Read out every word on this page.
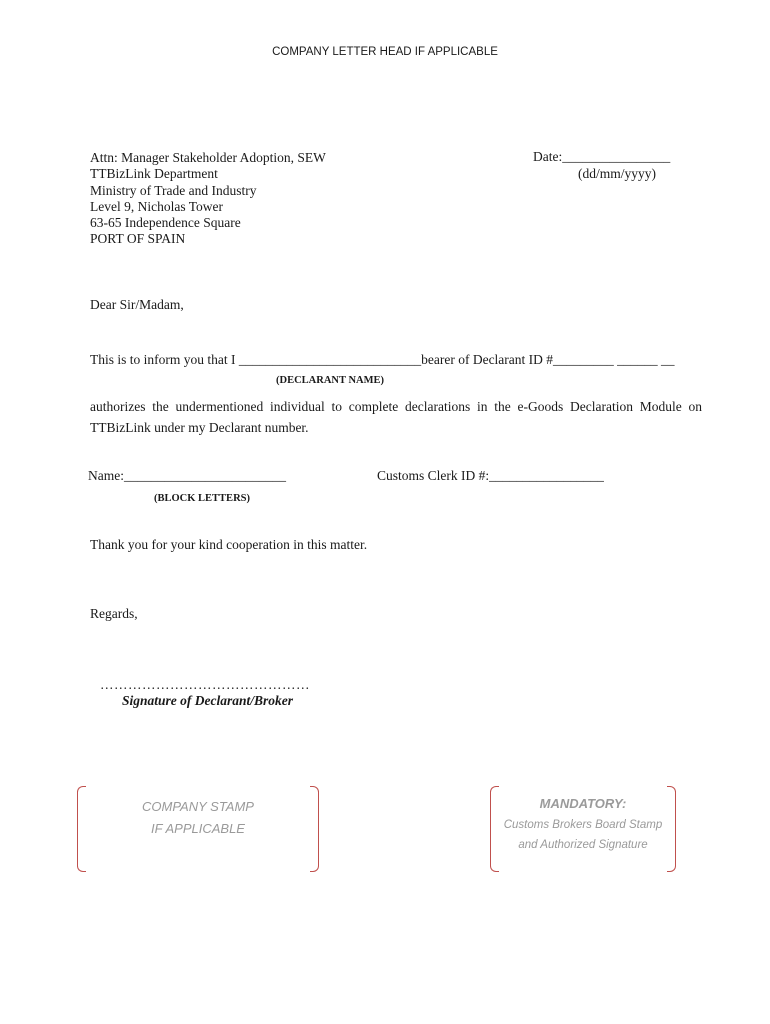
COMPANY LETTER HEAD IF APPLICABLE
Attn: Manager Stakeholder Adoption, SEW
TTBizLink Department
Ministry of Trade and Industry
Level 9, Nicholas Tower
63-65 Independence Square
PORT OF SPAIN
Date:________________
(dd/mm/yyyy)
Dear Sir/Madam,
This is to inform you that I ___________________________bearer of Declarant ID #_________ ______ __
(DECLARANT NAME)
authorizes the undermentioned individual to complete declarations in the e-Goods Declaration Module on TTBizLink under my Declarant number.
Name:________________________	Customs Clerk ID #:_________________
(BLOCK LETTERS)
Thank you for your kind cooperation in this matter.
Regards,
………………………………………
Signature of Declarant/Broker
COMPANY STAMP
IF APPLICABLE
MANDATORY:
Customs Brokers Board Stamp
and Authorized Signature
